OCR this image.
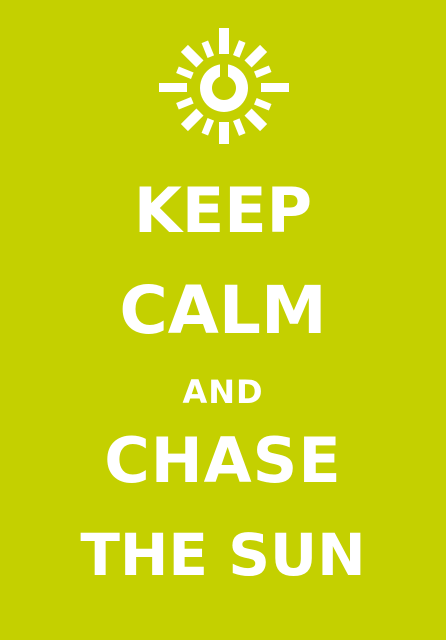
KEEP
CALM
AND
CHASE
THE SUN
